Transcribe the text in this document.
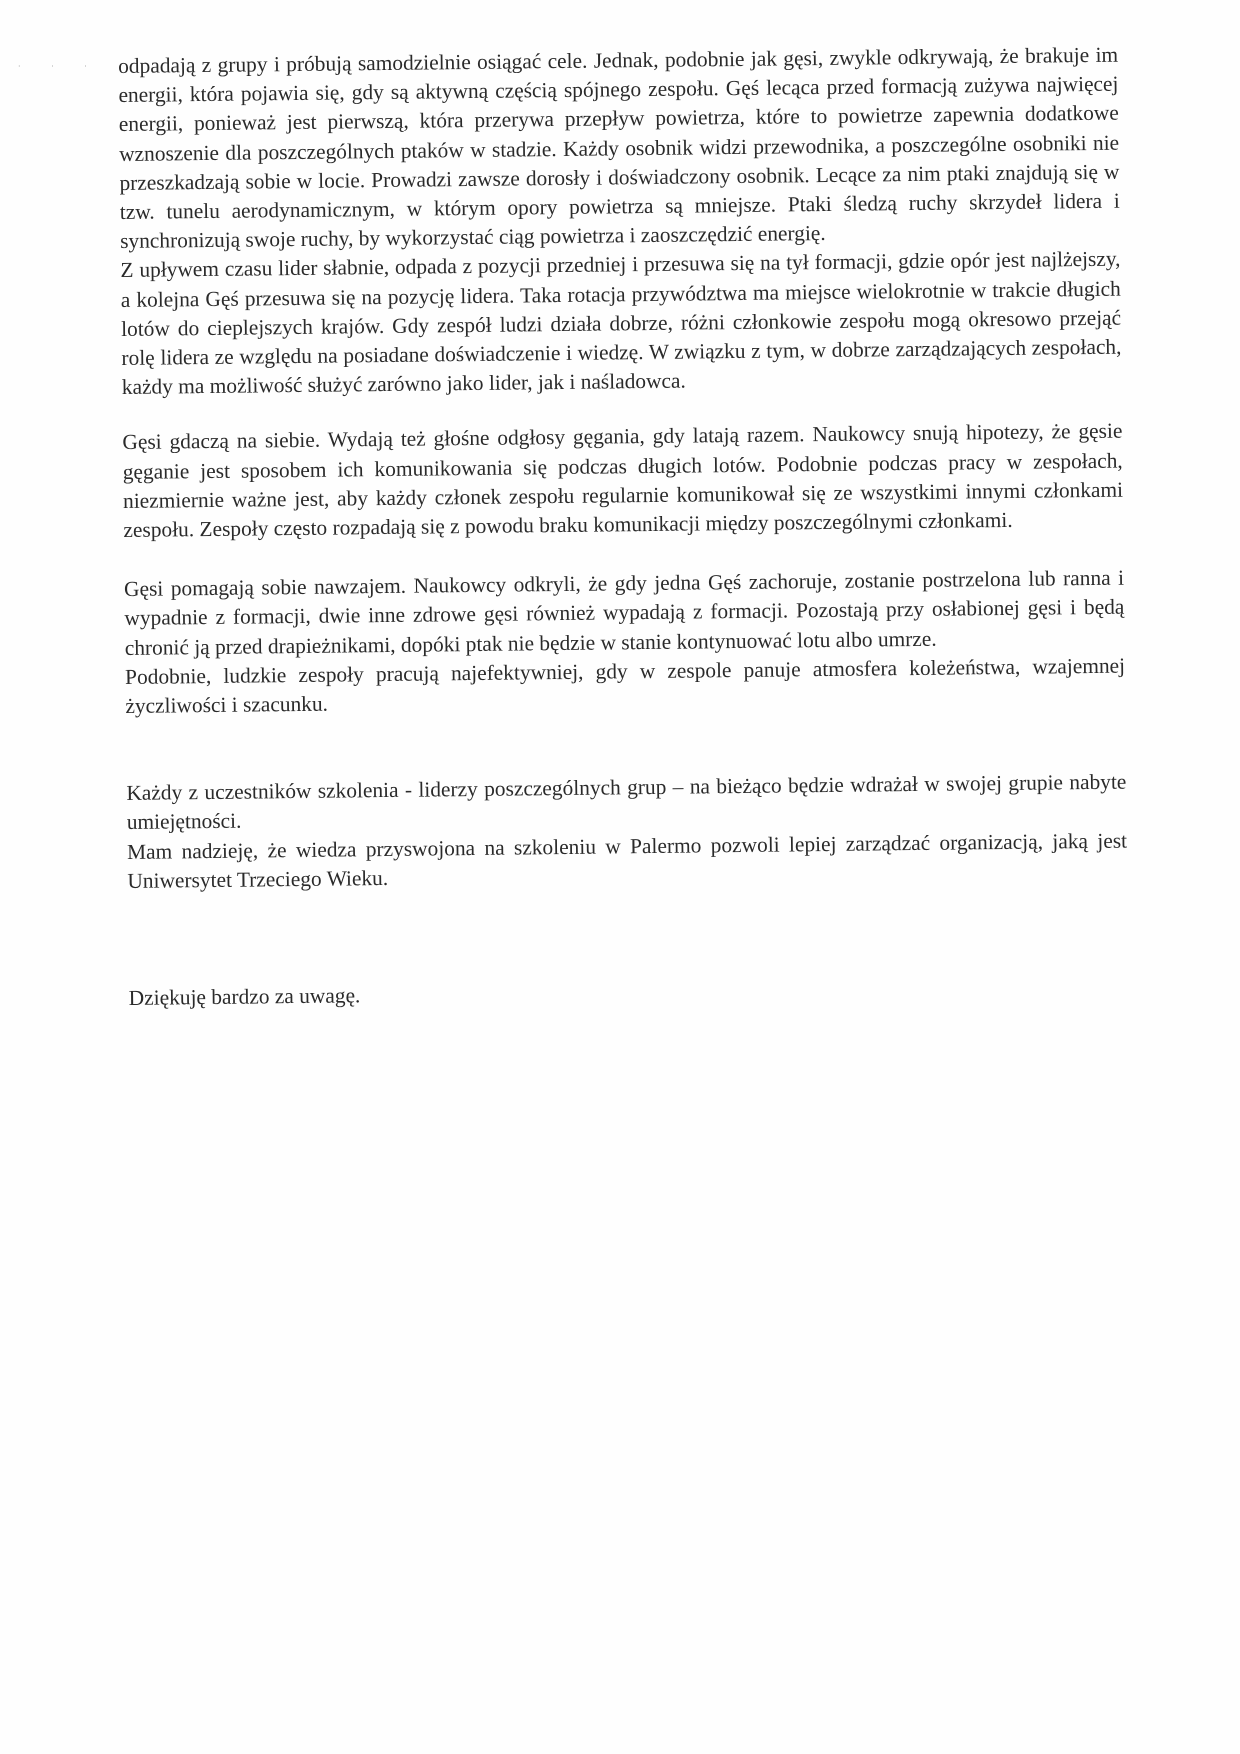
· · · odpadają z grupy i próbują samodzielnie osiągać cele. Jednak, podobnie jak gęsi, zwykle odkrywają, że brakuje im energii, która pojawia się, gdy są aktywną częścią spójnego zespołu. Gęś lecąca przed formacją zużywa najwięcej energii, ponieważ jest pierwszą, która przerywa przepływ powietrza, które to powietrze zapewnia dodatkowe wznoszenie dla poszczególnych ptaków w stadzie. Każdy osobnik widzi przewodnika, a poszczególne osobniki nie przeszkadzają sobie w locie. Prowadzi zawsze dorosły i doświadczony osobnik. Lecące za nim ptaki znajdują się w tzw. tunelu aerodynamicznym, w którym opory powietrza są mniejsze. Ptaki śledzą ruchy skrzydeł lidera i synchronizują swoje ruchy, by wykorzystać ciąg powietrza i zaoszczędzić energię.

Z upływem czasu lider słabnie, odpada z pozycji przedniej i przesuwa się na tył formacji, gdzie opór jest najlżejszy, a kolejna Gęś przesuwa się na pozycję lidera. Taka rotacja przywództwa ma miejsce wielokrotnie w trakcie długich lotów do cieplejszych krajów. Gdy zespół ludzi działa dobrze, różni członkowie zespołu mogą okresowo przejąć rolę lidera ze względu na posiadane doświadczenie i wiedzę. W związku z tym, w dobrze zarządzających zespołach, każdy ma możliwość służyć zarówno jako lider, jak i naśladowca.

Gęsi gdaczą na siebie. Wydają też głośne odgłosy gęgania, gdy latają razem. Naukowcy snują hipotezy, że gęsie gęganie jest sposobem ich komunikowania się podczas długich lotów. Podobnie podczas pracy w zespołach, niezmiernie ważne jest, aby każdy członek zespołu regularnie komunikował się ze wszystkimi innymi członkami zespołu. Zespoły często rozpadają się z powodu braku komunikacji między poszczególnymi członkami.

Gęsi pomagają sobie nawzajem. Naukowcy odkryli, że gdy jedna Gęś zachoruje, zostanie postrzelona lub ranna i wypadnie z formacji, dwie inne zdrowe gęsi również wypadają z formacji. Pozostają przy osłabionej gęsi i będą chronić ją przed drapieżnikami, dopóki ptak nie będzie w stanie kontynuować lotu albo umrze.

Podobnie, ludzkie zespoły pracują najefektywniej, gdy w zespole panuje atmosfera koleżeństwa, wzajemnej życzliwości i szacunku.

Każdy z uczestników szkolenia - liderzy poszczególnych grup – na bieżąco będzie wdrażał w swojej grupie nabyte umiejętności.

Mam nadzieję, że wiedza przyswojona na szkoleniu w Palermo pozwoli lepiej zarządzać organizacją, jaką jest Uniwersytet Trzeciego Wieku.

Dziękuję bardzo za uwagę.
